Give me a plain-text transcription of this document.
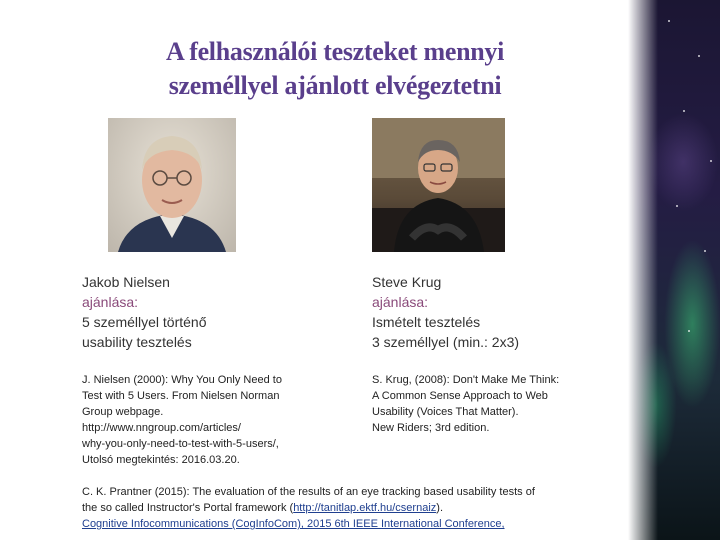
A felhasználói teszteket mennyi
személlyel ajánlott elvégeztetni
Jakob Nielsen
ajánlása:
5 személlyel történő
usability tesztelés
Steve Krug
ajánlása:
Ismételt tesztelés
3 személlyel (min.: 2x3)
J. Nielsen (2000): Why You Only Need to
Test with 5 Users. From Nielsen Norman
Group webpage.
http://www.nngroup.com/articles/
why-you-only-need-to-test-with-5-users/,
Utolsó megtekintés: 2016.03.20.
S. Krug, (2008): Don't Make Me Think:
A Common Sense Approach to Web
Usability (Voices That Matter).
New Riders; 3rd edition.
C. K. Prantner (2015): The evaluation of the results of an eye tracking based usability tests of
the so called Instructor's Portal framework (http://tanitlap.ektf.hu/csernaiz).
Cognitive Infocommunications (CogInfoCom), 2015 6th IEEE International Conference,
